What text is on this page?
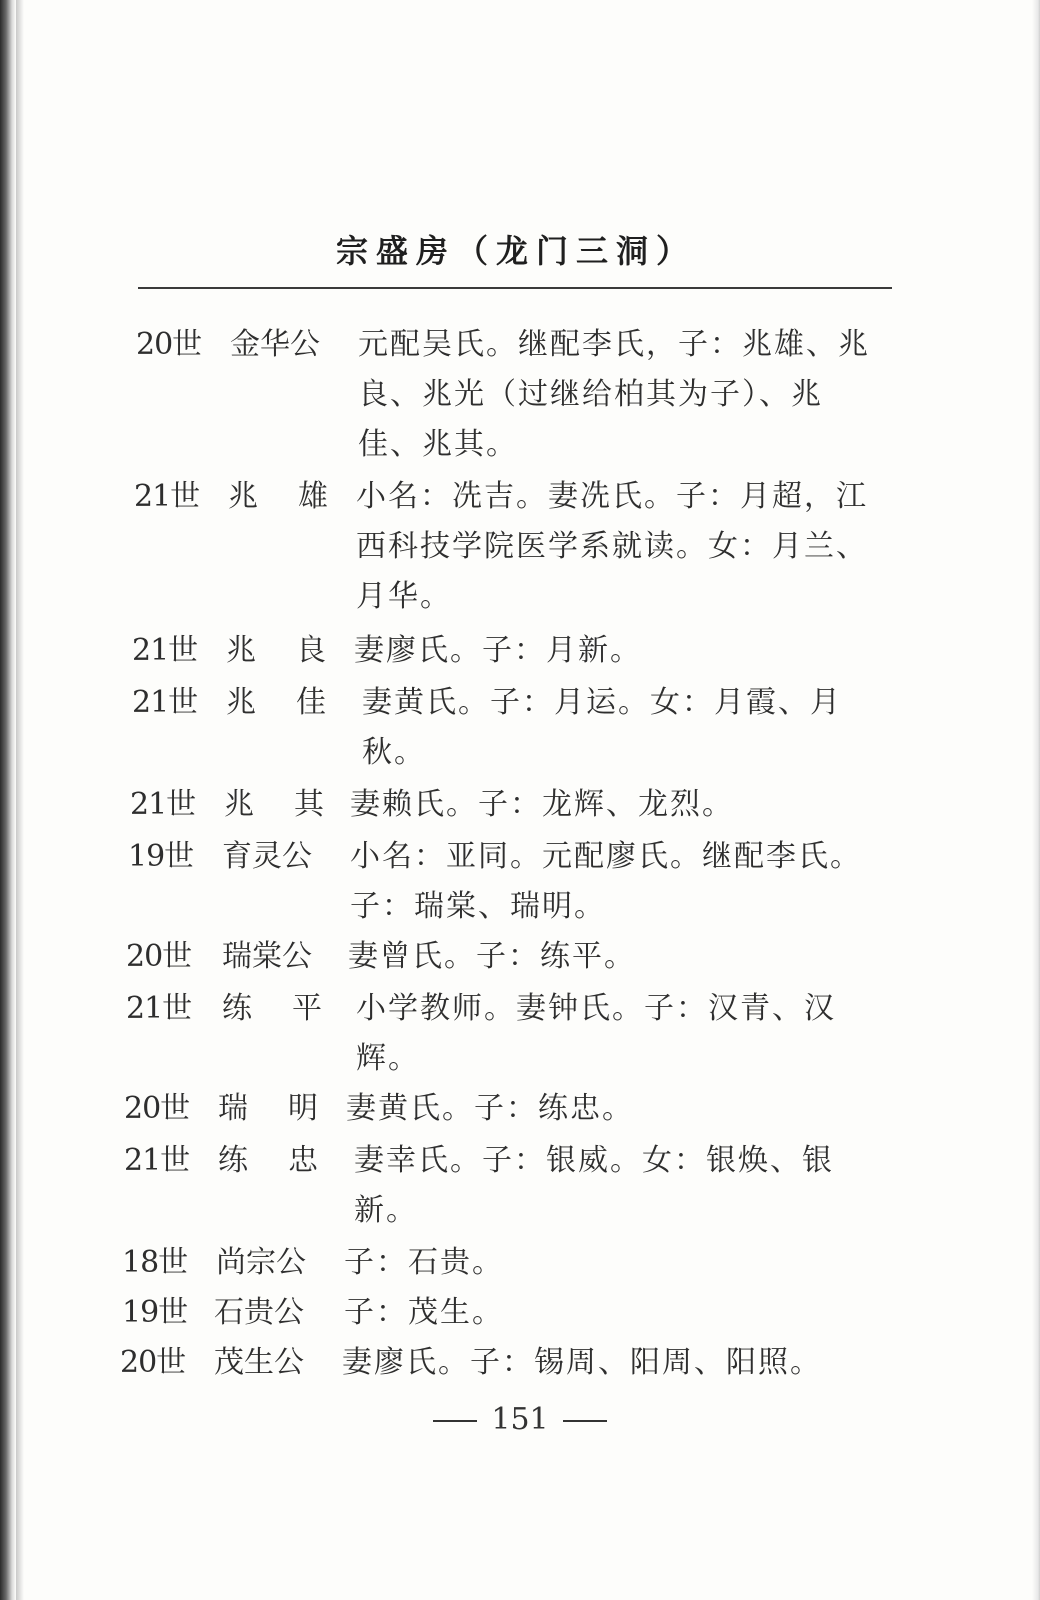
宗盛房（龙门三洞）
20世 金华公	元配吴氏。继配李氏，子：兆雄、兆良、兆光（过继给柏其为子）、兆佳、兆其。
21世 兆　雄 小名：冼吉。妻冼氏。子：月超，江西科技学院医学系就读。女：月兰、月华。
21世 兆　良 妻廖氏。子：月新。
21世 兆　佳 妻黄氏。子：月运。女：月霞、月秋。
21世 兆　其 妻赖氏。子：龙辉、龙烈。
19世 育灵公	小名：亚同。元配廖氏。继配李氏。子：瑞棠、瑞明。
20世	瑞棠公	妻曾氏。子：练平。
21世	练　平 小学教师。妻钟氏。子：汉青、汉辉。
20世 瑞　明 妻黄氏。子：练忠。
21世 练　忠 妻幸氏。子：银威。女：银焕、银新。
18世 尚宗公	子：石贵。
19世 石贵公	子：茂生。
20世 茂生公	妻廖氏。子：锡周、阳周、阳照。
151
